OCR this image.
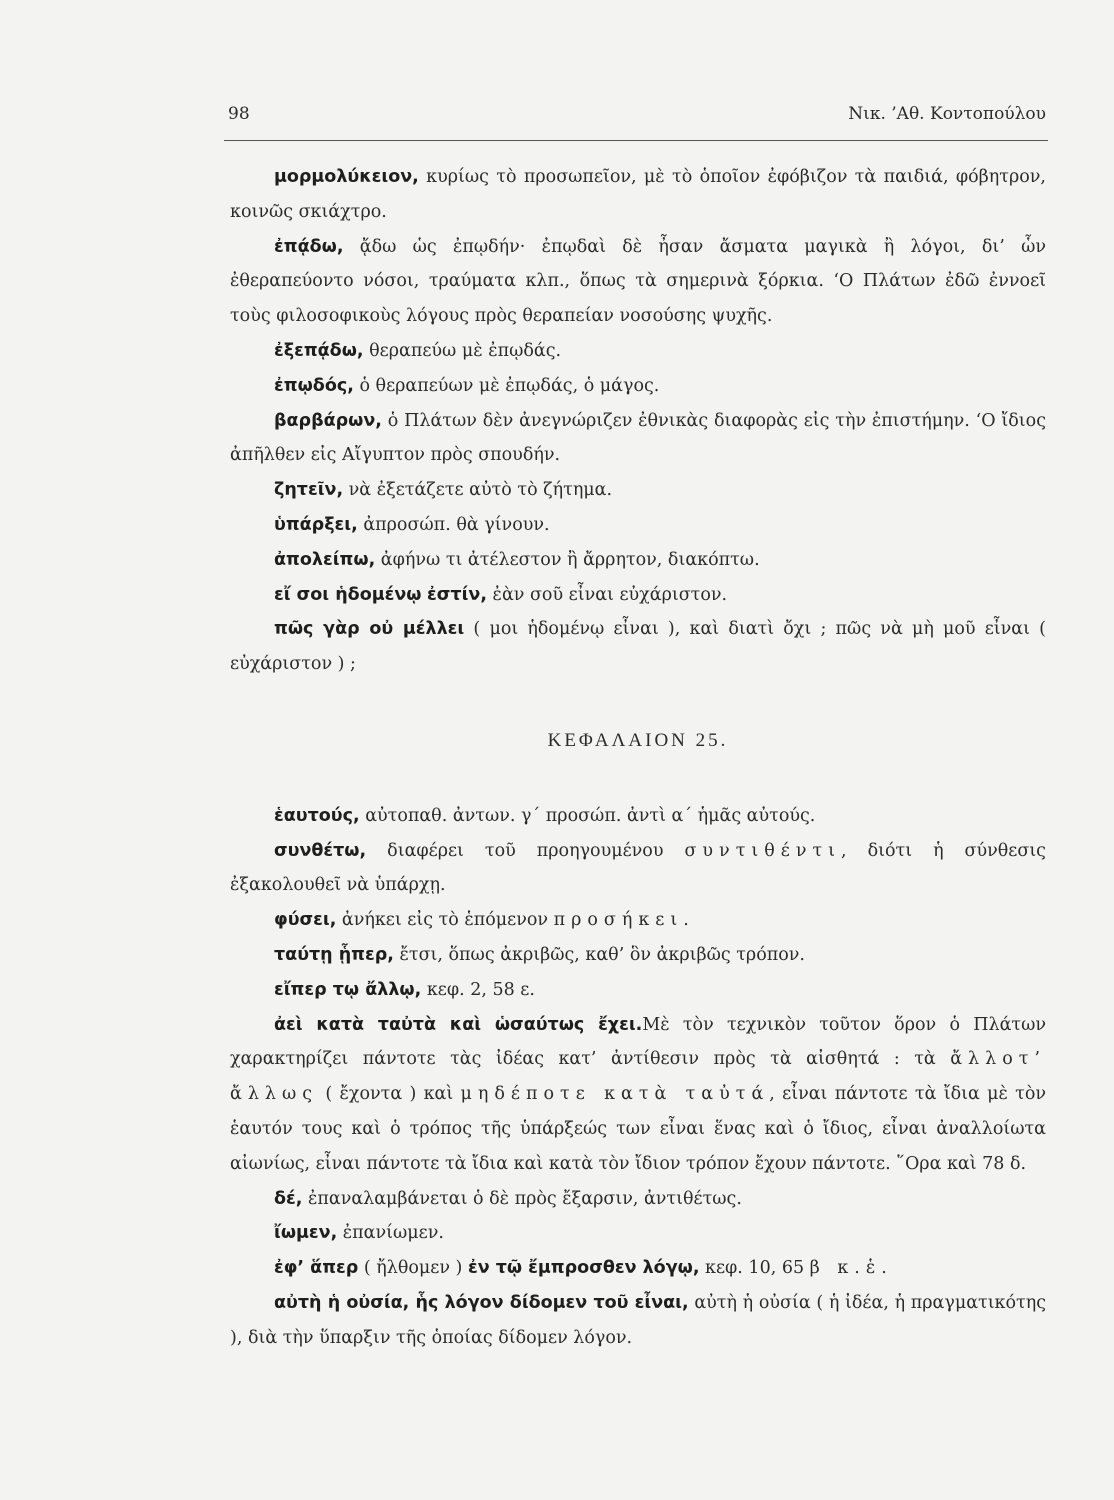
98	Νικ. ’Αθ. Κοντοπούλου

μορμολύκειον, κυρίως τὸ προσωπεῖον, μὲ τὸ ὁποῖον ἐφόβιζον τὰ παιδιά, φόβητρον, κοινῶς σκιάχτρο.

ἐπᾴδω, ᾄδω ὡς ἐπῳδήν· ἐπῳδαὶ δὲ ἦσαν ἄσματα μαγικὰ ἢ λόγοι, δι’ ὧν ἐθεραπεύοντο νόσοι, τραύματα κλπ., ὅπως τὰ σημερινὰ ξόρκια. ‘Ο Πλάτων ἐδῶ ἐννοεῖ τοὺς φιλοσοφικοὺς λόγους πρὸς θεραπείαν νοσούσης ψυχῆς.

ἐξεπᾴδω, θεραπεύω μὲ ἐπῳδάς.

ἐπῳδός, ὁ θεραπεύων μὲ ἐπῳδάς, ὁ μάγος.

βαρβάρων, ὁ Πλάτων δὲν ἀνεγνώριζεν ἐθνικὰς διαφορὰς εἰς τὴν ἐπιστήμην. ‘Ο ἴδιος ἀπῆλθεν εἰς Αἴγυπτον πρὸς σπουδήν.

ζητεῖν, νὰ ἐξετάζετε αὐτὸ τὸ ζήτημα.

ὑπάρξει, ἀπροσώπ. θὰ γίνουν.

ἀπολείπω, ἀφήνω τι ἀτέλεστον ἢ ἄρρητον, διακόπτω.

εἴ σοι ἡδομένῳ ἐστίν, ἐὰν σοῦ εἶναι εὐχάριστον.

πῶς γὰρ οὐ μέλλει ( μοι ἡδομένῳ εἶναι ), καὶ διατὶ ὄχι ; πῶς νὰ μὴ μοῦ εἶναι ( εὐχάριστον ) ;

ΚΕΦΑΛΑΙΟΝ 25.

ἑαυτούς, αὐτοπαθ. ἀντων. γ΄ προσώπ. ἀντὶ α΄ ἡμᾶς αὐτούς.

συνθέτω, διαφέρει τοῦ προηγουμένου συντιθέντι, διότι ἡ σύνθεσις ἐξακολουθεῖ νὰ ὑπάρχῃ.

φύσει, ἀνήκει εἰς τὸ ἑπόμενον προσήκει.

ταύτῃ ᾗπερ, ἔτσι, ὅπως ἀκριβῶς, καθ’ ὃν ἀκριβῶς τρόπον.

εἴπερ τῳ ἄλλῳ, κεφ. 2, 58 ε.

ἀεὶ κατὰ ταὐτὰ καὶ ὡσαύτως ἔχει.Μὲ τὸν τεχνικὸν τοῦτον ὅρον ὁ Πλάτων χαρακτηρίζει πάντοτε τὰς ἰδέας κατ’ ἀντίθεσιν πρὸς τὰ αἰσθητά : τὰ ἄλλοτ’ ἄλλως ( ἔχοντα ) καὶ μηδέποτε κατὰ ταὐτά, εἶναι πάντοτε τὰ ἴδια μὲ τὸν ἑαυτόν τους καὶ ὁ τρόπος τῆς ὑπάρξεώς των εἶναι ἕνας καὶ ὁ ἴδιος, εἶναι ἀναλλοίωτα αἰωνίως, εἶναι πάντοτε τὰ ἴδια καὶ κατὰ τὸν ἴδιον τρόπον ἔχουν πάντοτε. ῞Ορα καὶ 78 δ.

δέ, ἐπαναλαμβάνεται ὁ δὲ πρὸς ἔξαρσιν, ἀντιθέτως.

ἴωμεν, ἐπανίωμεν.

ἐφ’ ἅπερ ( ἤλθομεν ) ἐν τῷ ἔμπροσθεν λόγῳ, κεφ. 10, 65 β κ.ἑ.

αὐτὴ ἡ οὐσία, ἧς λόγον δίδομεν τοῦ εἶναι, αὐτὴ ἡ οὐσία ( ἡ ἰδέα, ἡ πραγματικότης ), διὰ τὴν ὕπαρξιν τῆς ὁποίας δίδομεν λόγον.
